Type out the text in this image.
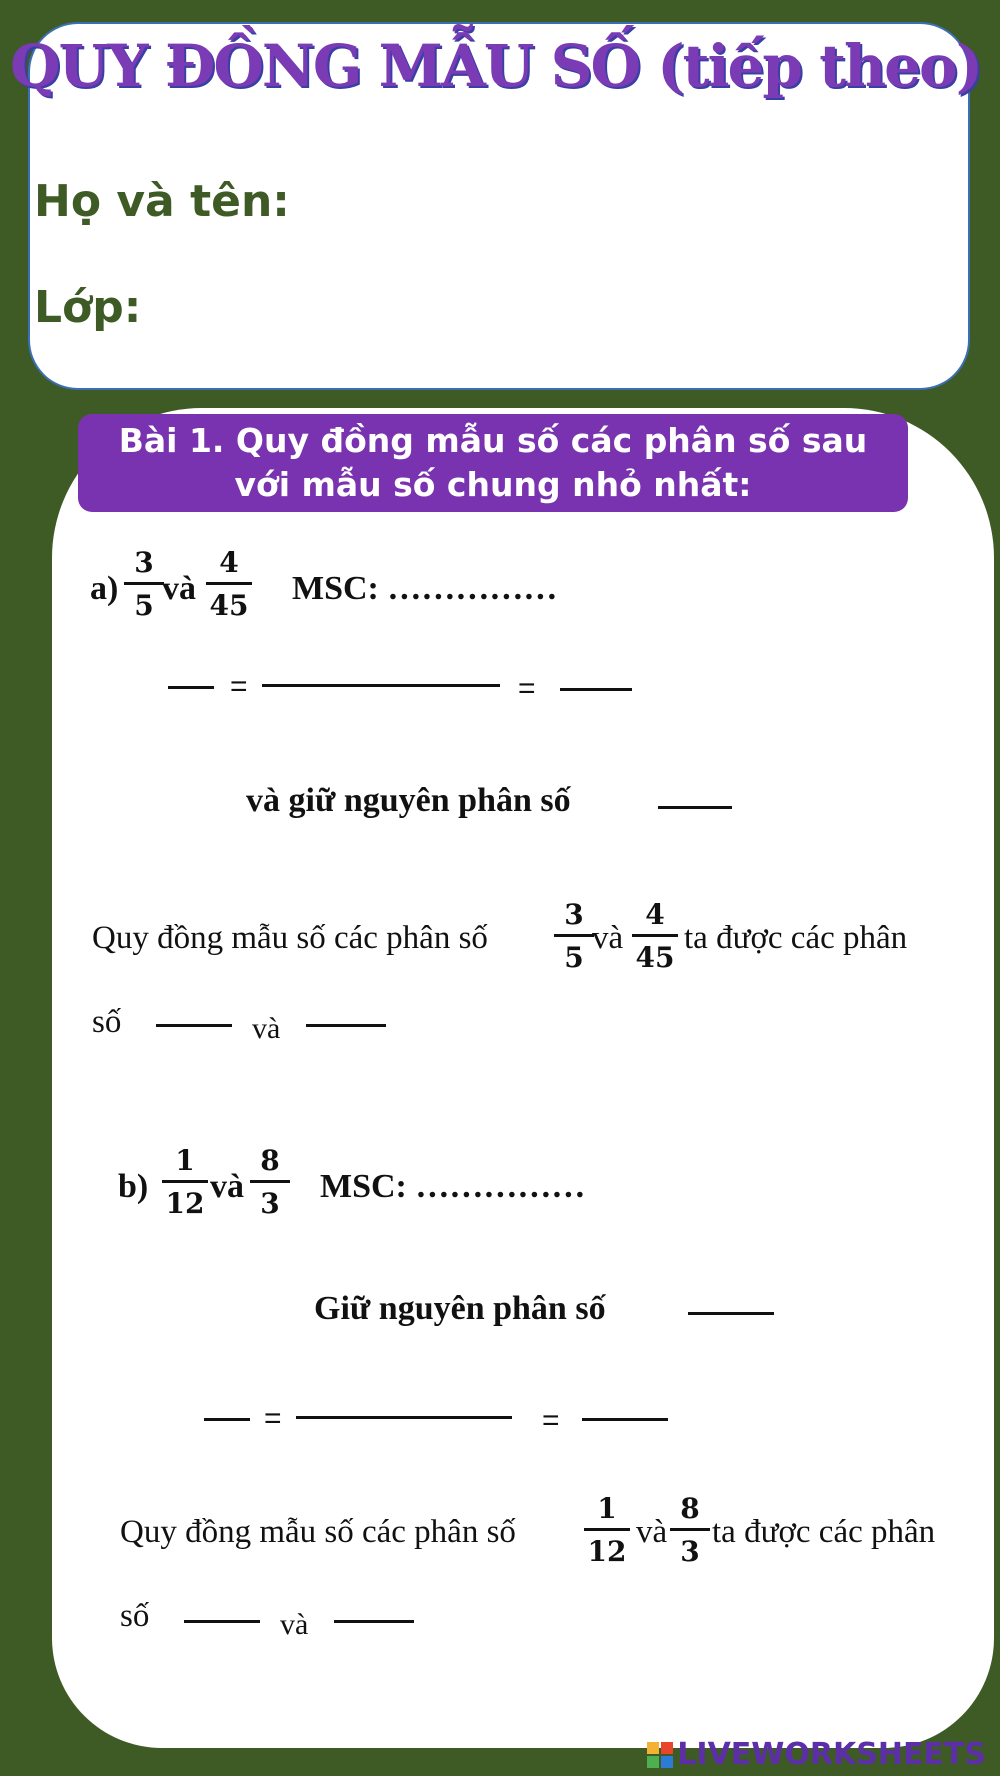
QUY ĐỒNG MẪU SỐ (tiếp theo)
Họ và tên:
Lớp:
Bài 1. Quy đồng mẫu số các phân số sau
với mẫu số chung nhỏ nhất:
a)
3
5 và
4
45 MSC: ……………
=	=
và giữ nguyên phân số
Quy đồng mẫu số các phân số
3
5
và
4
45
ta được các phân
số	và
b)
1
12 và
8
3	MSC: ……………
Giữ nguyên phân số
=	=
Quy đồng mẫu số các phân số
1
12
và
8
3
ta được các phân
số	và
LIVEWORKSHEETS
